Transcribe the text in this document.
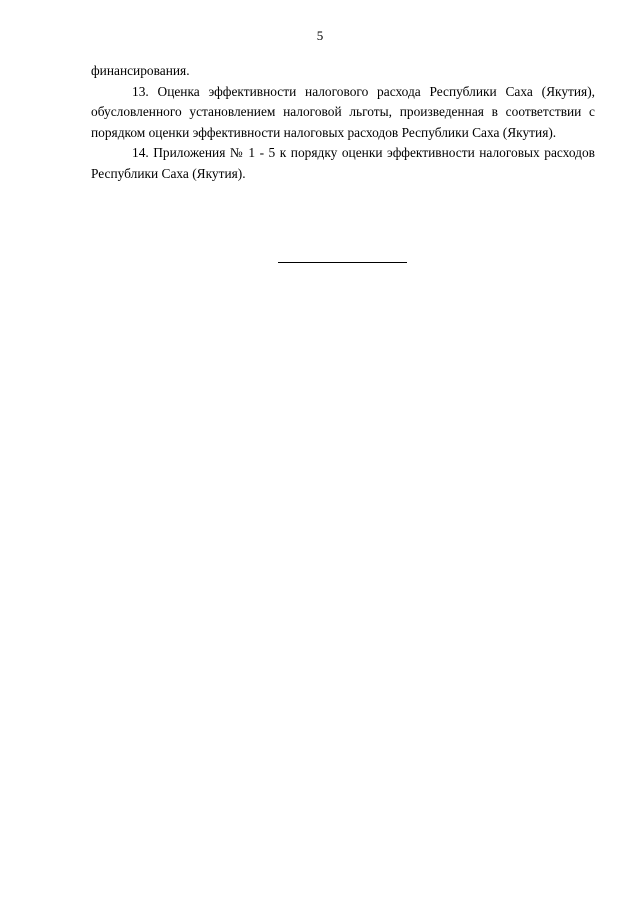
5

финансирования.

13. Оценка эффективности налогового расхода Республики Саха (Якутия), обусловленного установлением налоговой льготы, произведенная в соответствии с порядком оценки эффективности налоговых расходов Республики Саха (Якутия).

14. Приложения № 1 - 5 к порядку оценки эффективности налоговых расходов Республики Саха (Якутия).
